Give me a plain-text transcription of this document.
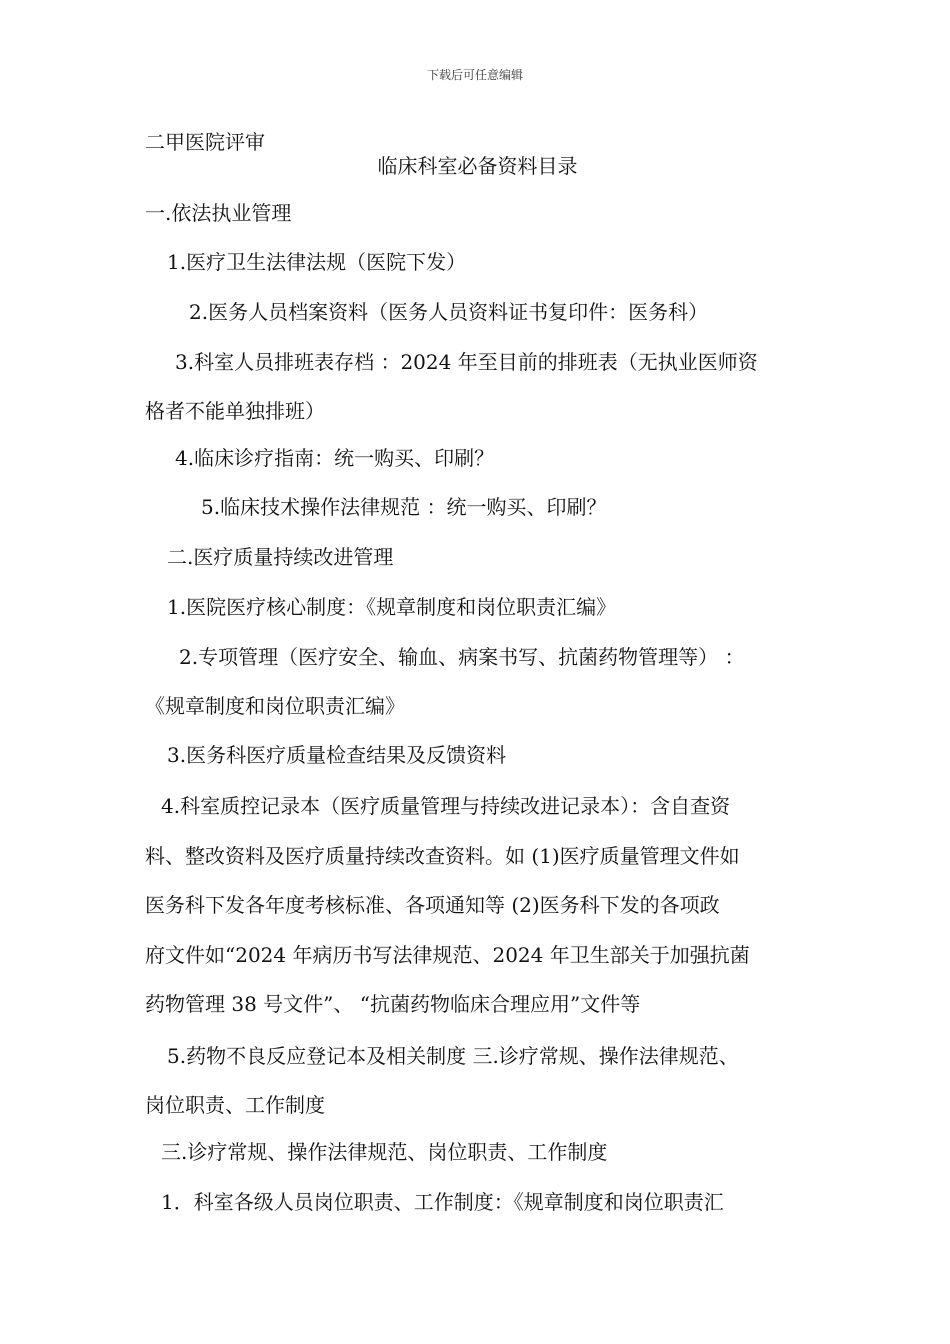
下载后可任意编辑
二甲医院评审
临床科室必备资料目录
一.依法执业管理
1.医疗卫生法律法规（医院下发）
2.医务人员档案资料（医务人员资料证书复印件：医务科）
3.科室人员排班表存档 ：2024 年至目前的排班表（无执业医师资
格者不能单独排班）
4.临床诊疗指南：统一购买、印刷？
5.临床技术操作法律规范 ：统一购买、印刷？
二.医疗质量持续改进管理
1.医院医疗核心制度：《规章制度和岗位职责汇编》
2.专项管理（医疗安全、输血、病案书写、抗菌药物管理等） ：
《规章制度和岗位职责汇编》
3.医务科医疗质量检查结果及反馈资料
4.科室质控记录本（医疗质量管理与持续改进记录本）：含自查资
料、整改资料及医疗质量持续改查资料。如 (1)医疗质量管理文件如
医务科下发各年度考核标准、各项通知等 (2)医务科下发的各项政
府文件如“2024 年病历书写法律规范、2024 年卫生部关于加强抗菌
药物管理 38 号文件”、 “抗菌药物临床合理应用”文件等
5.药物不良反应登记本及相关制度 三.诊疗常规、操作法律规范、
岗位职责、工作制度
三.诊疗常规、操作法律规范、岗位职责、工作制度
1．科室各级人员岗位职责、工作制度：《规章制度和岗位职责汇
